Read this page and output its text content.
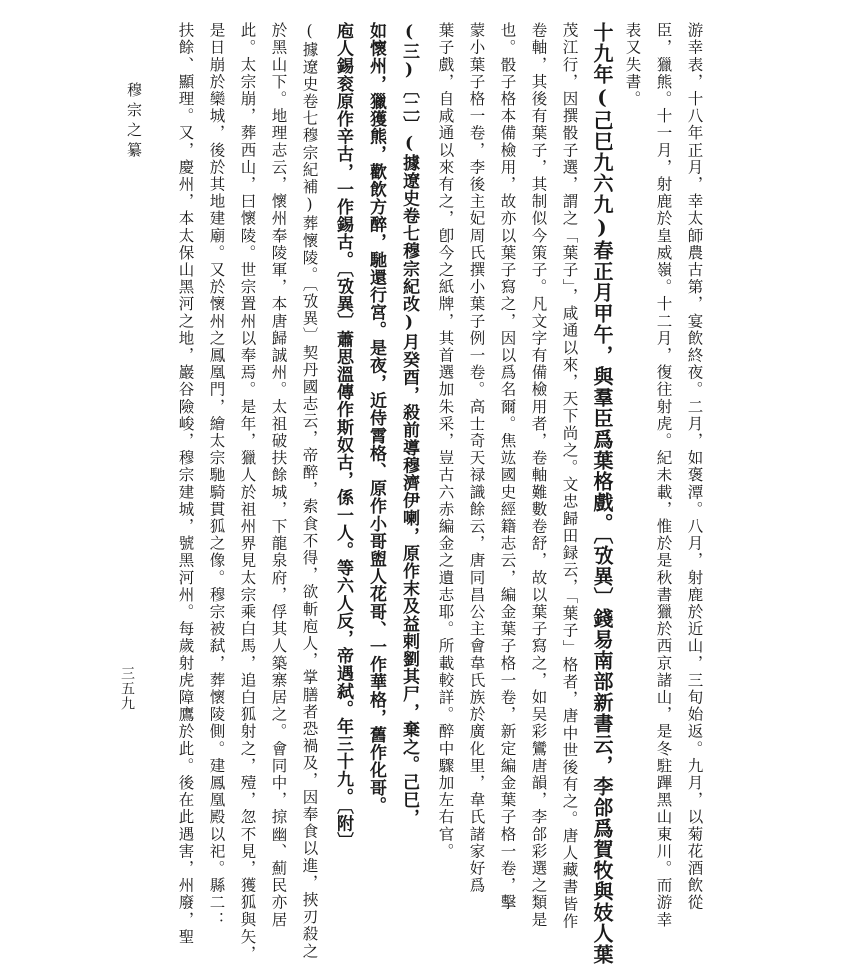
穆宗之纂
三五九	游幸表，十八年正月，幸太師農古第，宴飲終夜。二月，如褒潭。八月，射鹿於近山，三旬始返。九月，以菊花酒飲從
臣，獵熊。十一月，射鹿於皇威嶺。十二月，復往射虎。紀未載，惟於是秋書獵於西京諸山，是冬駐蹕黑山東川。而游幸
表又失書。
十九年(己巳九六九)春正月甲午，與羣臣爲葉格戲。〔攷異〕錢易南部新書云，李郃爲賀牧與妓人葉
茂江行，因撰骰子選，謂之「葉子」，咸通以來，天下尚之。文忠歸田録云，「葉子」格者，唐中世後有之。唐人藏書皆作
卷軸，其後有葉子，其制似今策子。凡文字有備檢用者，卷軸難數卷舒，故以葉子寫之，如吴彩鸞唐韻，李郃彩選之類是
也。骰子格本備檢用，故亦以葉子寫之，因以爲名爾。焦竑國史經籍志云，編金葉子格一卷，新定編金葉子格一卷，擊
蒙小葉子格一卷，李後主妃周氏撰小葉子例一卷。高士奇天禄識餘云，唐同昌公主會韋氏族於廣化里，韋氏諸家好爲
葉子戲，自咸通以來有之，卽今之紙牌，其首選加朱采，豈古六赤編金之遺志耶。所載較詳。醉中驟加左右官。
(三)〔二〕(據遼史卷七穆宗紀改)月癸酉，殺前導穆濟伊喇，原作末及益剌劉其尸，棄之。己巳，
如懷州，獵獲熊，歡飲方醉，馳還行宮。是夜，近侍霄格、原作小哥盥人花哥、一作華格，舊作化哥。
庖人錫衮原作辛古，一作錫古。〔攷異〕蕭思溫傳作斯奴古，係一人。等六人反，帝遇弑。年三十九。〔附〕
(據遼史卷七穆宗紀補)葬懷陵。〔攷異〕契丹國志云，帝醉，索食不得，欲斬庖人，掌膳者恐禍及，因奉食以進，挾刃殺之
於黑山下。地理志云，懷州奉陵軍，本唐歸誠州。太祖破扶餘城，下龍泉府，俘其人築寨居之。會同中，掠幽、薊民亦居
此。太宗崩，葬西山，曰懷陵。世宗置州以奉焉。是年，獵人於祖州界見太宗乘白馬，追白狐射之，殪，忽不見，獲狐與矢，
是日崩於欒城，後於其地建廟。又於懷州之鳳凰門，繪太宗馳騎貫狐之像。穆宗被弑，葬懷陵側。建鳳凰殿以祀。縣二：
扶餘、顯理。又，慶州，本太保山黑河之地，巖谷險峻，穆宗建城，號黑河州。每歲射虎障鷹於此。後在此遇害，州廢，聖
